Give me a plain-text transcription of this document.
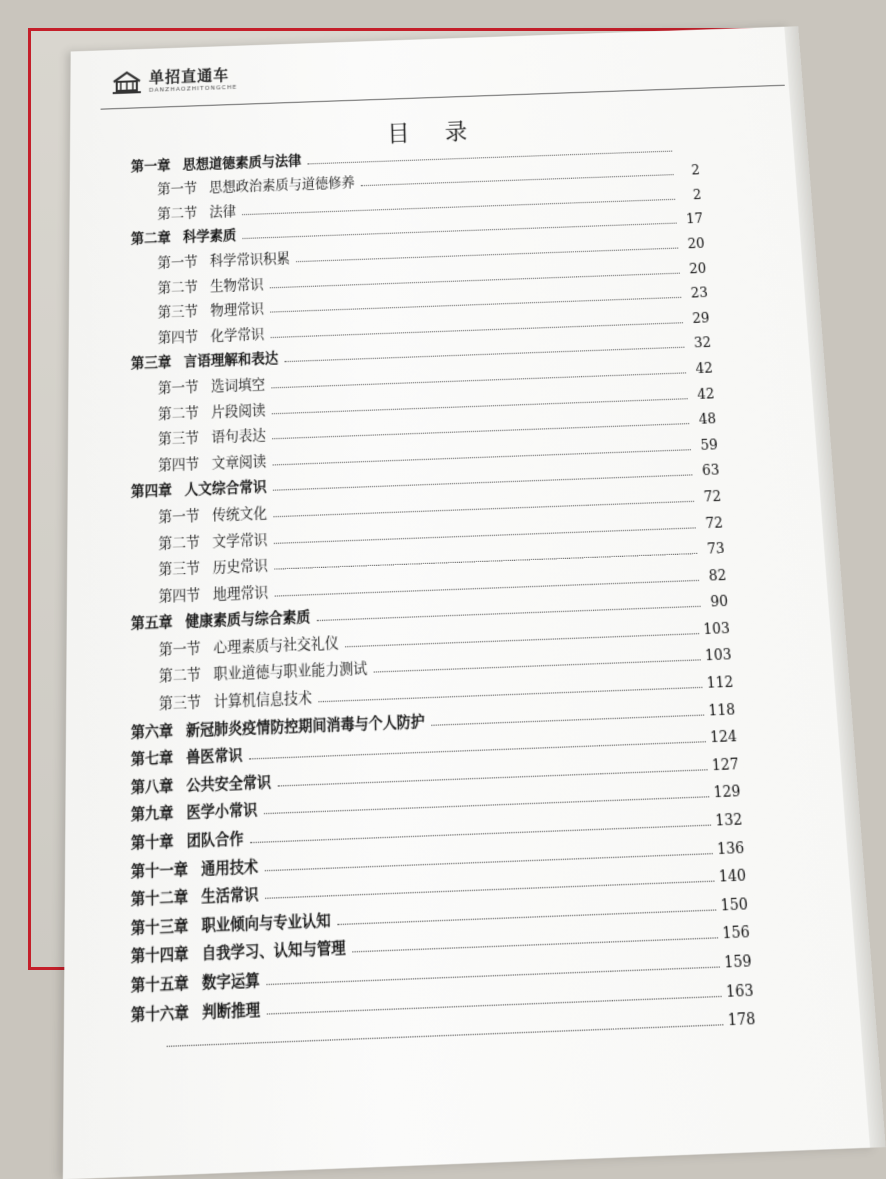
单招直通车
DANZHAOZHITONGCHE
目 录
第一章 思想道德素质与法律
第一节 思想政治素质与道德修养
2
第二节 法律
2
第二章 科学素质
17
第一节 科学常识积累
20
第二节 生物常识
20
第三节 物理常识
23
第四节 化学常识
29
第三章 言语理解和表达
32
第一节 选词填空
42
第二节 片段阅读
42
第三节 语句表达
48
第四节 文章阅读
59
第四章 人文综合常识
63
第一节 传统文化
72
第二节 文学常识
72
第三节 历史常识
73
第四节 地理常识
82
第五章 健康素质与综合素质
90
第一节 心理素质与社交礼仪
103
第二节 职业道德与职业能力测试
103
第三节 计算机信息技术
112
第六章 新冠肺炎疫情防控期间消毒与个人防护
118
第七章 兽医常识
124
第八章 公共安全常识
127
第九章 医学小常识
129
第十章 团队合作
132
第十一章 通用技术
136
第十二章 生活常识
140
第十三章 职业倾向与专业认知
150
第十四章 自我学习、认知与管理
156
第十五章 数字运算
159
第十六章 判断推理
163
178
